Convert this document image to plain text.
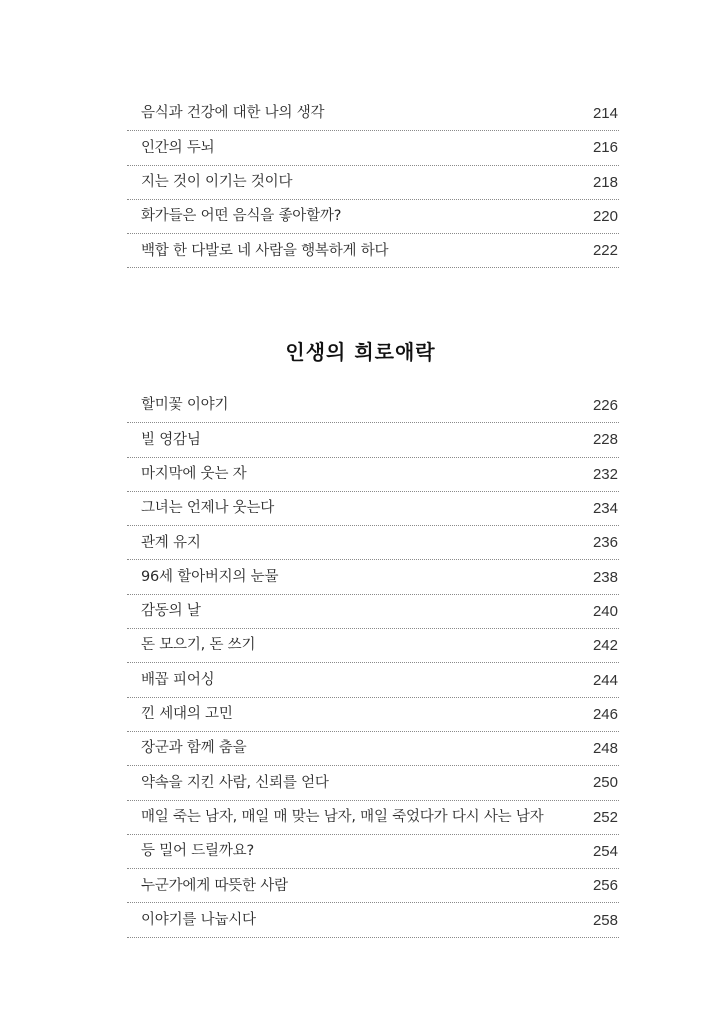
음식과 건강에 대한 나의 생각	214
인간의 두뇌	216
지는 것이 이기는 것이다	218
화가들은 어떤 음식을 좋아할까?	220
백합 한 다발로 네 사람을 행복하게 하다	222
인생의 희로애락
할미꽃 이야기	226
빌 영감님	228
마지막에 웃는 자	232
그녀는 언제나 웃는다	234
관계 유지	236
96세 할아버지의 눈물	238
감동의 날	240
돈 모으기, 돈 쓰기	242
배꼽 피어싱	244
낀 세대의 고민	246
장군과 함께 춤을	248
약속을 지킨 사람, 신뢰를 얻다	250
매일 죽는 남자, 매일 매 맞는 남자, 매일 죽었다가 다시 사는 남자	252
등 밀어 드릴까요?	254
누군가에게 따뜻한 사람	256
이야기를 나눕시다	258
